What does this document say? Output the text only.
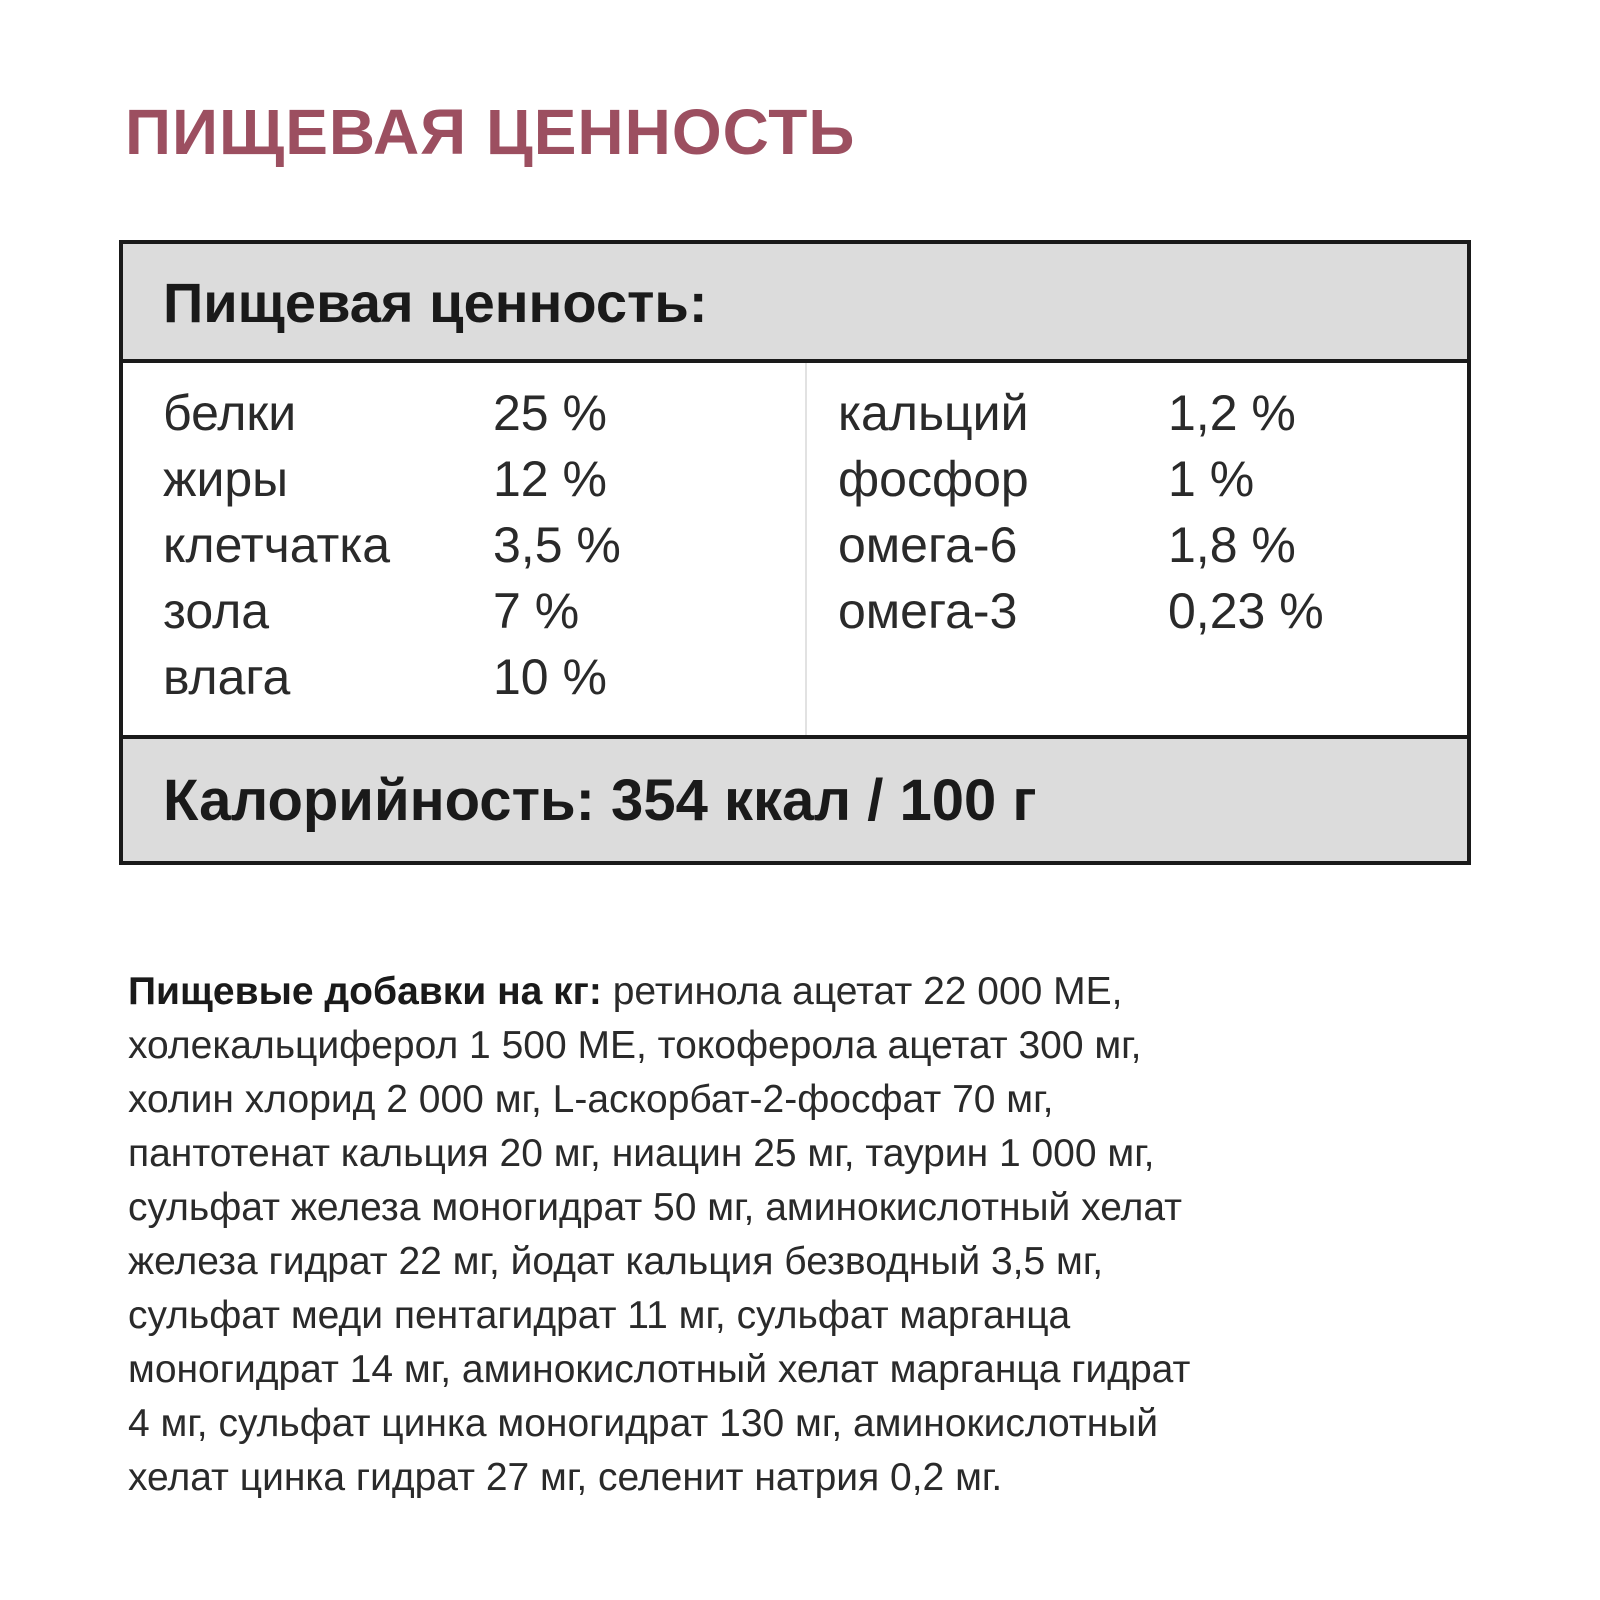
ПИЩЕВАЯ ЦЕННОСТЬ
Пищевая ценность:
белки	25 %
жиры	12 %
клетчатка 3,5 %
зола	7 %
влага	10 %
кальций	1,2 %
фосфор	1 %
омега-6	1,8 %
омега-3	0,23 %
Калорийность: 354 ккал / 100 г

Пищевые добавки на кг: ретинола ацетат 22 000 МЕ,
холекальциферол 1 500 МЕ, токоферола ацетат 300 мг,
холин хлорид 2 000 мг, L-аскорбат-2-фосфат 70 мг,
пантотенат кальция 20 мг, ниацин 25 мг, таурин 1 000 мг,
сульфат железа моногидрат 50 мг, аминокислотный хелат
железа гидрат 22 мг, йодат кальция безводный 3,5 мг,
сульфат меди пентагидрат 11 мг, сульфат марганца
моногидрат 14 мг, аминокислотный хелат марганца гидрат
4 мг, сульфат цинка моногидрат 130 мг, аминокислотный
хелат цинка гидрат 27 мг, селенит натрия 0,2 мг.
